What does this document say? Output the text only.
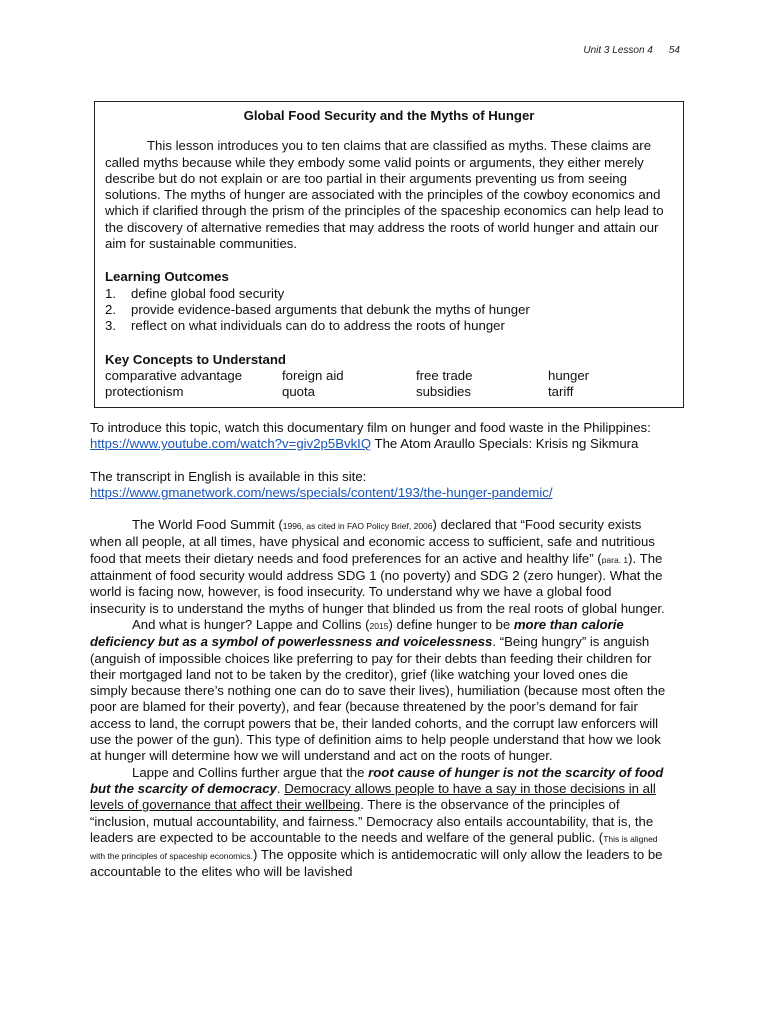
Unit 3 Lesson 4 54
Global Food Security and the Myths of Hunger

This lesson introduces you to ten claims that are classified as myths. These claims are called myths because while they embody some valid points or arguments, they either merely describe but do not explain or are too partial in their arguments preventing us from seeing solutions. The myths of hunger are associated with the principles of the cowboy economics and which if clarified through the prism of the principles of the spaceship economics can help lead to the discovery of alternative remedies that may address the roots of world hunger and attain our aim for sustainable communities.

Learning Outcomes
1.	define global food security
2.	provide evidence-based arguments that debunk the myths of hunger
3.	reflect on what individuals can do to address the roots of hunger
Key Concepts to Understand
comparative advantage	foreign aid	free trade	hunger
protectionism	quota	subsidies	tariff

To introduce this topic, watch this documentary film on hunger and food waste in the Philippines:

https://www.youtube.com/watch?v=giv2p5BvkIQ The Atom Araullo Specials: Krisis ng Sikmura

The transcript in English is available in this site:

https://www.gmanetwork.com/news/specials/content/193/the-hunger-pandemic/

The World Food Summit (1996, as cited in FAO Policy Brief, 2006) declared that “Food security exists when all people, at all times, have physical and economic access to sufficient, safe and nutritious food that meets their dietary needs and food preferences for an active and healthy life” (para. 1). The attainment of food security would address SDG 1 (no poverty) and SDG 2 (zero hunger). What the world is facing now, however, is food insecurity. To understand why we have a global food insecurity is to understand the myths of hunger that blinded us from the real roots of global hunger.

And what is hunger? Lappe and Collins (2015) define hunger to be more than calorie deficiency but as a symbol of powerlessness and voicelessness. “Being hungry” is anguish (anguish of impossible choices like preferring to pay for their debts than feeding their children for their mortgaged land not to be taken by the creditor), grief (like watching your loved ones die simply because there’s nothing one can do to save their lives), humiliation (because most often the poor are blamed for their poverty), and fear (because threatened by the poor’s demand for fair access to land, the corrupt powers that be, their landed cohorts, and the corrupt law enforcers will use the power of the gun). This type of definition aims to help people understand that how we look at hunger will determine how we will understand and act on the roots of hunger.

Lappe and Collins further argue that the root cause of hunger is not the scarcity of food but the scarcity of democracy. Democracy allows people to have a say in those decisions in all levels of governance that affect their wellbeing. There is the observance of the principles of “inclusion, mutual accountability, and fairness.” Democracy also entails accountability, that is, the leaders are expected to be accountable to the needs and welfare of the general public. (This is aligned with the principles of spaceship economics.) The opposite which is antidemocratic will only allow the leaders to be accountable to the elites who will be lavished
